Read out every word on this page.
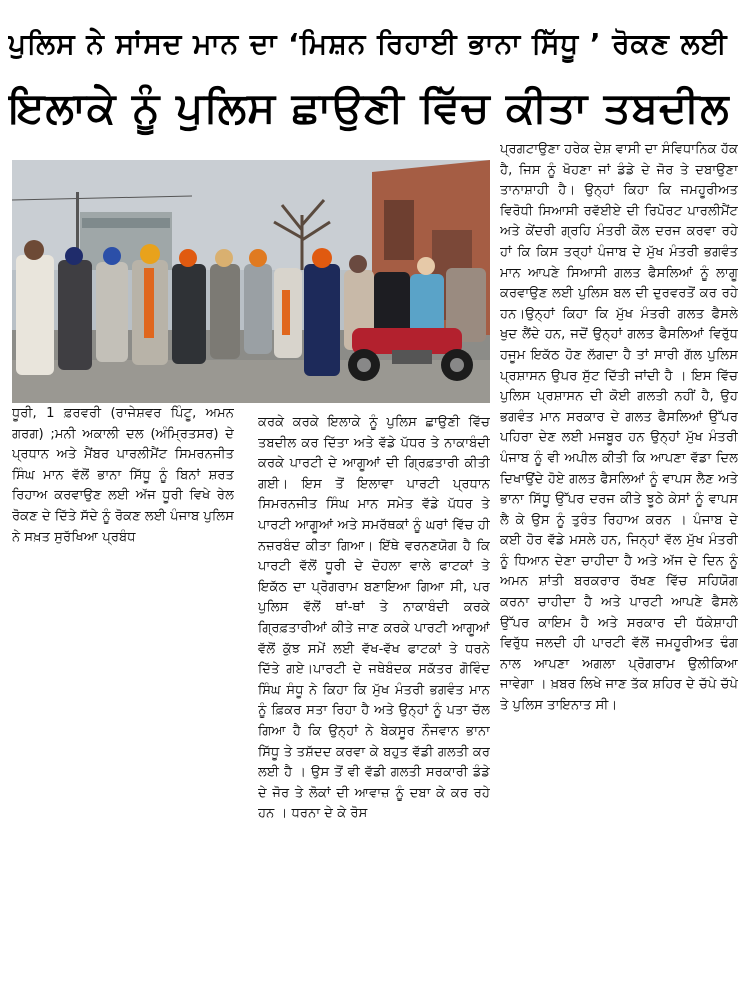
ਪੁਲਿਸ ਨੇ ਸਾਂਸਦ ਮਾਨ ਦਾ ‘ਮਿਸ਼ਨ ਰਿਹਾਈ ਭਾਨਾ ਸਿੱਧੂ ’ ਰੋਕਣ ਲਈ
ਇਲਾਕੇ ਨੂੰ ਪੁਲਿਸ ਛਾਉਣੀ ਵਿੱਚ ਕੀਤਾ ਤਬਦੀਲ

ਧੂਰੀ, 1 ਫ਼ਰਵਰੀ (ਰਾਜੇਸ਼ਵਰ ਪਿੰਟੂ, ਅਮਨ ਗਰਗ) ;ਮਨੀ ਅਕਾਲੀ ਦਲ (ਅੰਮ੍ਰਿਤਸਰ) ਦੇ ਪ੍ਰਧਾਨ ਅਤੇ ਮੈਂਬਰ ਪਾਰਲੀਮੈਂਟ ਸਿਮਰਨਜੀਤ ਸਿੰਘ ਮਾਨ ਵੱਲੋਂ ਭਾਨਾ ਸਿੱਧੂ ਨੂੰ ਬਿਨਾਂ ਸ਼ਰਤ ਰਿਹਾਅ ਕਰਵਾਉਣ ਲਈ ਅੱਜ ਧੂਰੀ ਵਿਖੇ ਰੇਲ ਰੋਕਣ ਦੇ ਦਿੱਤੇ ਸੱਦੇ ਨੂੰ ਰੋਕਣ ਲਈ ਪੰਜਾਬ ਪੁਲਿਸ ਨੇ ਸਖ਼ਤ ਸੁਰੱਖਿਆ ਪ੍ਰਬੰਧ

ਕਰਕੇ ਕਰਕੇ ਇਲਾਕੇ ਨੂੰ ਪੁਲਿਸ ਛਾਉਣੀ ਵਿੱਚ ਤਬਦੀਲ ਕਰ ਦਿੱਤਾ ਅਤੇ ਵੱਡੇ ਪੱਧਰ ਤੇ ਨਾਕਾਬੰਦੀ ਕਰਕੇ ਪਾਰਟੀ ਦੇ ਆਗੂਆਂ ਦੀ ਗ੍ਰਿਫ਼ਤਾਰੀ ਕੀਤੀ ਗਈ। ਇਸ ਤੋਂ ਇਲਾਵਾ ਪਾਰਟੀ ਪ੍ਰਧਾਨ ਸਿਮਰਨਜੀਤ ਸਿੰਘ ਮਾਨ ਸਮੇਤ ਵੱਡੇ ਪੱਧਰ ਤੇ ਪਾਰਟੀ ਆਗੂਆਂ ਅਤੇ ਸਮਰੱਥਕਾਂ ਨੂੰ ਘਰਾਂ ਵਿੱਚ ਹੀ ਨਜ਼ਰਬੰਦ ਕੀਤਾ ਗਿਆ। ਇੱਥੇ ਵਰਨਣਯੋਗ ਹੈ ਕਿ ਪਾਰਟੀ ਵੱਲੋਂ ਧੂਰੀ ਦੇ ਦੋਹਲਾ ਵਾਲੇ ਫਾਟਕਾਂ ਤੇ ਇਕੱਠ ਦਾ ਪ੍ਰੋਗਰਾਮ ਬਣਾਇਆ ਗਿਆ ਸੀ, ਪਰ ਪੁਲਿਸ ਵੱਲੋਂ ਥਾਂ-ਥਾਂ ਤੇ ਨਾਕਾਬੰਦੀ ਕਰਕੇ ਗ੍ਰਿਫ਼ਤਾਰੀਆਂ ਕੀਤੇ ਜਾਣ ਕਰਕੇ ਪਾਰਟੀ ਆਗੂਆਂ ਵੱਲੋਂ ਕੁੱਝ ਸਮੇਂ ਲਈ ਵੱਖ-ਵੱਖ ਫਾਟਕਾਂ ਤੇ ਧਰਨੇ ਦਿੱਤੇ ਗਏ।ਪਾਰਟੀ ਦੇ ਜਥੇਬੰਦਕ ਸਕੱਤਰ ਗੋਵਿੰਦ ਸਿੰਘ ਸੰਧੂ ਨੇ ਕਿਹਾ ਕਿ ਮੁੱਖ ਮੰਤਰੀ ਭਗਵੰਤ ਮਾਨ ਨੂੰ ਫ਼ਿਕਰ ਸਤਾ ਰਿਹਾ ਹੈ ਅਤੇ ਉਨ੍ਹਾਂ ਨੂੰ ਪਤਾ ਚੱਲ ਗਿਆ ਹੈ ਕਿ ਉਨ੍ਹਾਂ ਨੇ ਬੇਕਸੂਰ ਨੌਜਵਾਨ ਭਾਨਾ ਸਿੱਧੂ ਤੇ ਤਸ਼ੱਦਦ ਕਰਵਾ ਕੇ ਬਹੁਤ ਵੱਡੀ ਗਲਤੀ ਕਰ ਲਈ ਹੈ । ਉਸ ਤੋਂ ਵੀ ਵੱਡੀ ਗਲਤੀ ਸਰਕਾਰੀ ਡੰਡੇ ਦੇ ਜੋਰ ਤੇ ਲੋਕਾਂ ਦੀ ਆਵਾਜ਼ ਨੂੰ ਦਬਾ ਕੇ ਕਰ ਰਹੇ ਹਨ । ਧਰਨਾ ਦੇ ਕੇ ਰੋਸ

ਪ੍ਰਗਟਾਉਣਾ ਹਰੇਕ ਦੇਸ਼ ਵਾਸੀ ਦਾ ਸੰਵਿਧਾਨਿਕ ਹੱਕ ਹੈ, ਜਿਸ ਨੂੰ ਖੋਹਣਾ ਜਾਂ ਡੰਡੇ ਦੇ ਜੋਰ ਤੇ ਦਬਾਉਣਾ ਤਾਨਾਸ਼ਾਹੀ ਹੈ। ਉਨ੍ਹਾਂ ਕਿਹਾ ਕਿ ਜਮਹੂਰੀਅਤ ਵਿਰੋਧੀ ਸਿਆਸੀ ਰਵੱਈਏ ਦੀ ਰਿਪੋਰਟ ਪਾਰਲੀਮੈਂਟ ਅਤੇ ਕੇਂਦਰੀ ਗ੍ਰਹਿ ਮੰਤਰੀ ਕੋਲ ਦਰਜ ਕਰਵਾ ਰਹੇ ਹਾਂ ਕਿ ਕਿਸ ਤਰ੍ਹਾਂ ਪੰਜਾਬ ਦੇ ਮੁੱਖ ਮੰਤਰੀ ਭਗਵੰਤ ਮਾਨ ਆਪਣੇ ਸਿਆਸੀ ਗਲਤ ਫੈਸਲਿਆਂ ਨੂੰ ਲਾਗੂ ਕਰਵਾਉਣ ਲਈ ਪੁਲਿਸ ਬਲ ਦੀ ਦੁਰਵਰਤੋਂ ਕਰ ਰਹੇ ਹਨ।ਉਨ੍ਹਾਂ ਕਿਹਾ ਕਿ ਮੁੱਖ ਮੰਤਰੀ ਗਲਤ ਫੈਸਲੇ ਖੁਦ ਲੈਂਦੇ ਹਨ, ਜਦੋਂ ਉਨ੍ਹਾਂ ਗਲਤ ਫੈਸਲਿਆਂ ਵਿਰੁੱਧ ਹਜੂਮ ਇਕੱਠ ਹੋਣ ਲੱਗਦਾ ਹੈ ਤਾਂ ਸਾਰੀ ਗੱਲ ਪੁਲਿਸ ਪ੍ਰਸ਼ਾਸਨ ਉਪਰ ਸੁੱਟ ਦਿੱਤੀ ਜਾਂਦੀ ਹੈ । ਇਸ ਵਿੱਚ ਪੁਲਿਸ ਪ੍ਰਸ਼ਾਸਨ ਦੀ ਕੋਈ ਗਲਤੀ ਨਹੀਂ ਹੈ, ਉਹ ਭਗਵੰਤ ਮਾਨ ਸਰਕਾਰ ਦੇ ਗਲਤ ਫੈਸਲਿਆਂ ਉੱਪਰ ਪਹਿਰਾ ਦੇਣ ਲਈ ਮਜਬੂਰ ਹਨ ਉਨ੍ਹਾਂ ਮੁੱਖ ਮੰਤਰੀ ਪੰਜਾਬ ਨੂੰ ਵੀ ਅਪੀਲ ਕੀਤੀ ਕਿ ਆਪਣਾ ਵੱਡਾ ਦਿਲ ਦਿਖਾਉਂਦੇ ਹੋਏ ਗਲਤ ਫੈਸਲਿਆਂ ਨੂੰ ਵਾਪਸ ਲੈਣ ਅਤੇ ਭਾਨਾ ਸਿੱਧੂ ਉੱਪਰ ਦਰਜ ਕੀਤੇ ਝੂਠੇ ਕੇਸਾਂ ਨੂੰ ਵਾਪਸ ਲੈ ਕੇ ਉਸ ਨੂੰ ਤੁਰੰਤ ਰਿਹਾਅ ਕਰਨ । ਪੰਜਾਬ ਦੇ ਕਈ ਹੋਰ ਵੱਡੇ ਮਸਲੇ ਹਨ, ਜਿਨ੍ਹਾਂ ਵੱਲ ਮੁੱਖ ਮੰਤਰੀ ਨੂੰ ਧਿਆਨ ਦੇਣਾ ਚਾਹੀਦਾ ਹੈ ਅਤੇ ਅੱਜ ਦੇ ਦਿਨ ਨੂੰ ਅਮਨ ਸ਼ਾਂਤੀ ਬਰਕਰਾਰ ਰੱਖਣ ਵਿੱਚ ਸਹਿਯੋਗ ਕਰਨਾ ਚਾਹੀਦਾ ਹੈ ਅਤੇ ਪਾਰਟੀ ਆਪਣੇ ਫੈਸਲੇ ਉੱਪਰ ਕਾਇਮ ਹੈ ਅਤੇ ਸਰਕਾਰ ਦੀ ਧੱਕੇਸ਼ਾਹੀ ਵਿਰੁੱਧ ਜਲਦੀ ਹੀ ਪਾਰਟੀ ਵੱਲੋਂ ਜਮਹੂਰੀਅਤ ਢੰਗ ਨਾਲ ਆਪਣਾ ਅਗਲਾ ਪ੍ਰੋਗਰਾਮ ਉਲੀਕਿਆ ਜਾਵੇਗਾ । ਖ਼ਬਰ ਲਿਖੇ ਜਾਣ ਤੱਕ ਸ਼ਹਿਰ ਦੇ ਚੱਪੇ ਚੱਪੇ ਤੇ ਪੁਲਿਸ ਤਾਇਨਾਤ ਸੀ।
